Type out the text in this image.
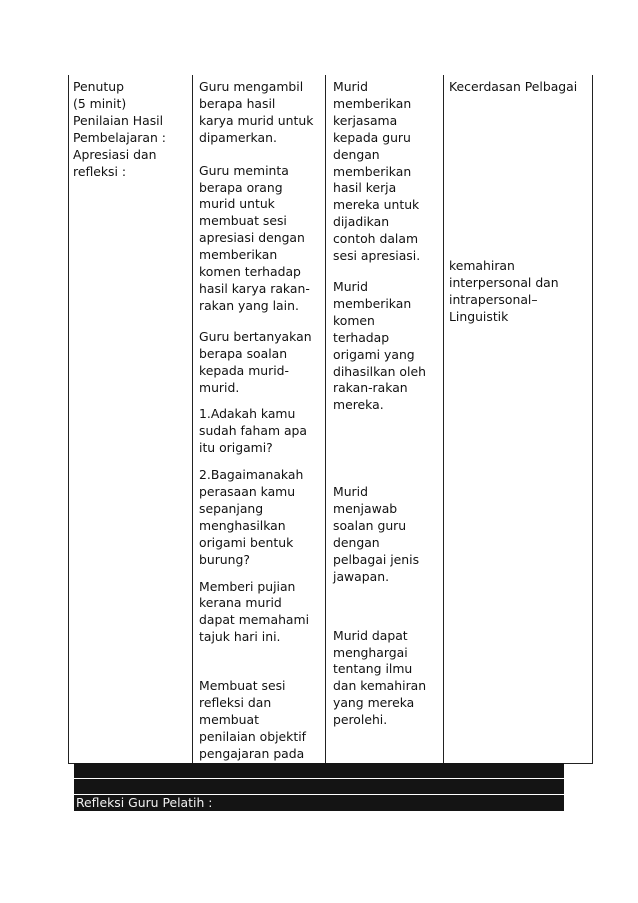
Penutup
(5 minit)
Penilaian Hasil
Pembelajaran :
Apresiasi dan
refleksi :

Guru mengambil
berapa hasil
karya murid untuk
dipamerkan.

Guru meminta
berapa orang
murid untuk
membuat sesi
apresiasi dengan
memberikan
komen terhadap
hasil karya rakan-
rakan yang lain.

Guru bertanyakan
berapa soalan
kepada murid-
murid.

1.Adakah kamu
sudah faham apa
itu origami?

2.Bagaimanakah
perasaan kamu
sepanjang
menghasilkan
origami bentuk
burung?

Memberi pujian
kerana murid
dapat memahami
tajuk hari ini.

Membuat sesi
refleksi dan
membuat
penilaian objektif
pengajaran pada

Murid
memberikan
kerjasama
kepada guru
dengan
memberikan
hasil kerja
mereka untuk
dijadikan
contoh dalam
sesi apresiasi.

Murid
memberikan
komen
terhadap
origami yang
dihasilkan oleh
rakan-rakan
mereka.

Murid
menjawab
soalan guru
dengan
pelbagai jenis
jawapan.

Murid dapat
menghargai
tentang ilmu
dan kemahiran
yang mereka
perolehi.

Kecerdasan Pelbagai

kemahiran
interpersonal dan
intrapersonal–
Linguistik

Refleksi Guru Pelatih :
